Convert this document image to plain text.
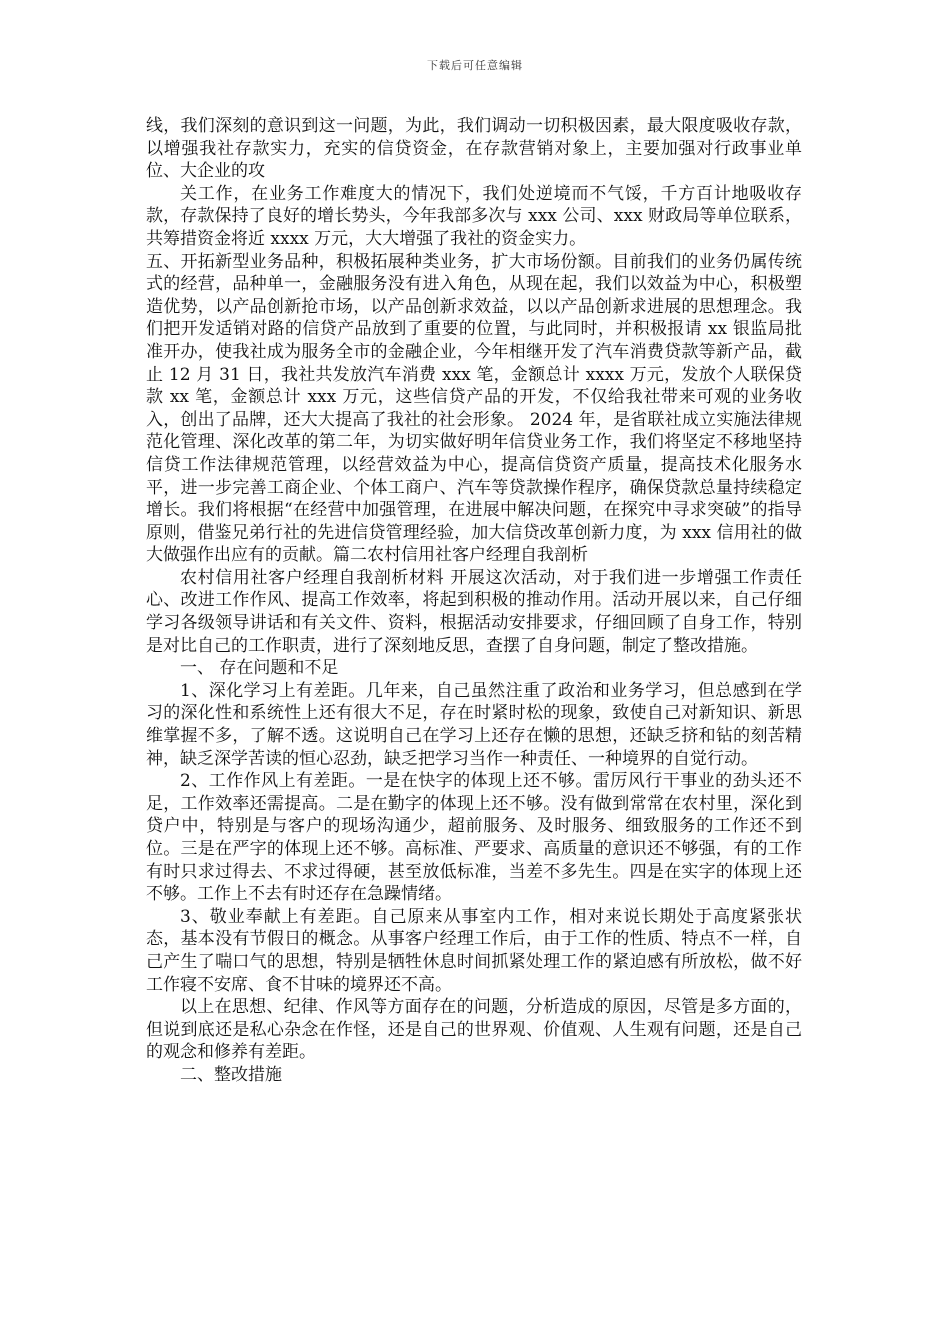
下载后可任意编辑

线，我们深刻的意识到这一问题，为此，我们调动一切积极因素，最大限度吸收存款，以增强我社存款实力，充实的信贷资金，在存款营销对象上，主要加强对行政事业单位、大企业的攻

关工作，在业务工作难度大的情况下，我们处逆境而不气馁，千方百计地吸收存款，存款保持了良好的增长势头，今年我部多次与 xxx 公司、xxx 财政局等单位联系，共筹措资金将近 xxxx 万元，大大增强了我社的资金实力。

五、开拓新型业务品种，积极拓展种类业务，扩大市场份额。目前我们的业务仍属传统式的经营，品种单一，金融服务没有进入角色，从现在起，我们以效益为中心，积极塑造优势，以产品创新抢市场，以产品创新求效益，以以产品创新求进展的思想理念。我们把开发适销对路的信贷产品放到了重要的位置，与此同时，并积极报请 xx 银监局批准开办，使我社成为服务全市的金融企业，今年相继开发了汽车消费贷款等新产品，截止 12 月 31 日，我社共发放汽车消费 xxx 笔，金额总计 xxxx 万元，发放个人联保贷款 xx 笔，金额总计 xxx 万元，这些信贷产品的开发，不仅给我社带来可观的业务收入，创出了品牌，还大大提高了我社的社会形象。 2024 年，是省联社成立实施法律规范化管理、深化改革的第二年，为切实做好明年信贷业务工作，我们将坚定不移地坚持信贷工作法律规范管理，以经营效益为中心，提高信贷资产质量，提高技术化服务水平，进一步完善工商企业、个体工商户、汽车等贷款操作程序，确保贷款总量持续稳定增长。我们将根据“在经营中加强管理，在进展中解决问题，在探究中寻求突破”的指导原则，借鉴兄弟行社的先进信贷管理经验，加大信贷改革创新力度，为 xxx 信用社的做大做强作出应有的贡献。篇二农村信用社客户经理自我剖析

农村信用社客户经理自我剖析材料 开展这次活动，对于我们进一步增强工作责任心、改进工作作风、提高工作效率，将起到积极的推动作用。活动开展以来，自己仔细学习各级领导讲话和有关文件、资料，根据活动安排要求，仔细回顾了自身工作，特别是对比自己的工作职责，进行了深刻地反思，查摆了自身问题，制定了整改措施。

一、 存在问题和不足

1、深化学习上有差距。几年来，自己虽然注重了政治和业务学习，但总感到在学习的深化性和系统性上还有很大不足，存在时紧时松的现象，致使自己对新知识、新思维掌握不多，了解不透。这说明自己在学习上还存在懒的思想，还缺乏挤和钻的刻苦精神，缺乏深学苦读的恒心忍劲，缺乏把学习当作一种责任、一种境界的自觉行动。

2、工作作风上有差距。一是在快字的体现上还不够。雷厉风行干事业的劲头还不足，工作效率还需提高。二是在勤字的体现上还不够。没有做到常常在农村里，深化到贷户中，特别是与客户的现场沟通少，超前服务、及时服务、细致服务的工作还不到位。三是在严字的体现上还不够。高标准、严要求、高质量的意识还不够强，有的工作有时只求过得去、不求过得硬，甚至放低标准，当差不多先生。四是在实字的体现上还不够。工作上不去有时还存在急躁情绪。

3、敬业奉献上有差距。自己原来从事室内工作，相对来说长期处于高度紧张状态，基本没有节假日的概念。从事客户经理工作后，由于工作的性质、特点不一样，自己产生了喘口气的思想，特别是牺牲休息时间抓紧处理工作的紧迫感有所放松，做不好工作寝不安席、食不甘味的境界还不高。

以上在思想、纪律、作风等方面存在的问题，分析造成的原因，尽管是多方面的，但说到底还是私心杂念在作怪，还是自己的世界观、价值观、人生观有问题，还是自己的观念和修养有差距。

二、整改措施
